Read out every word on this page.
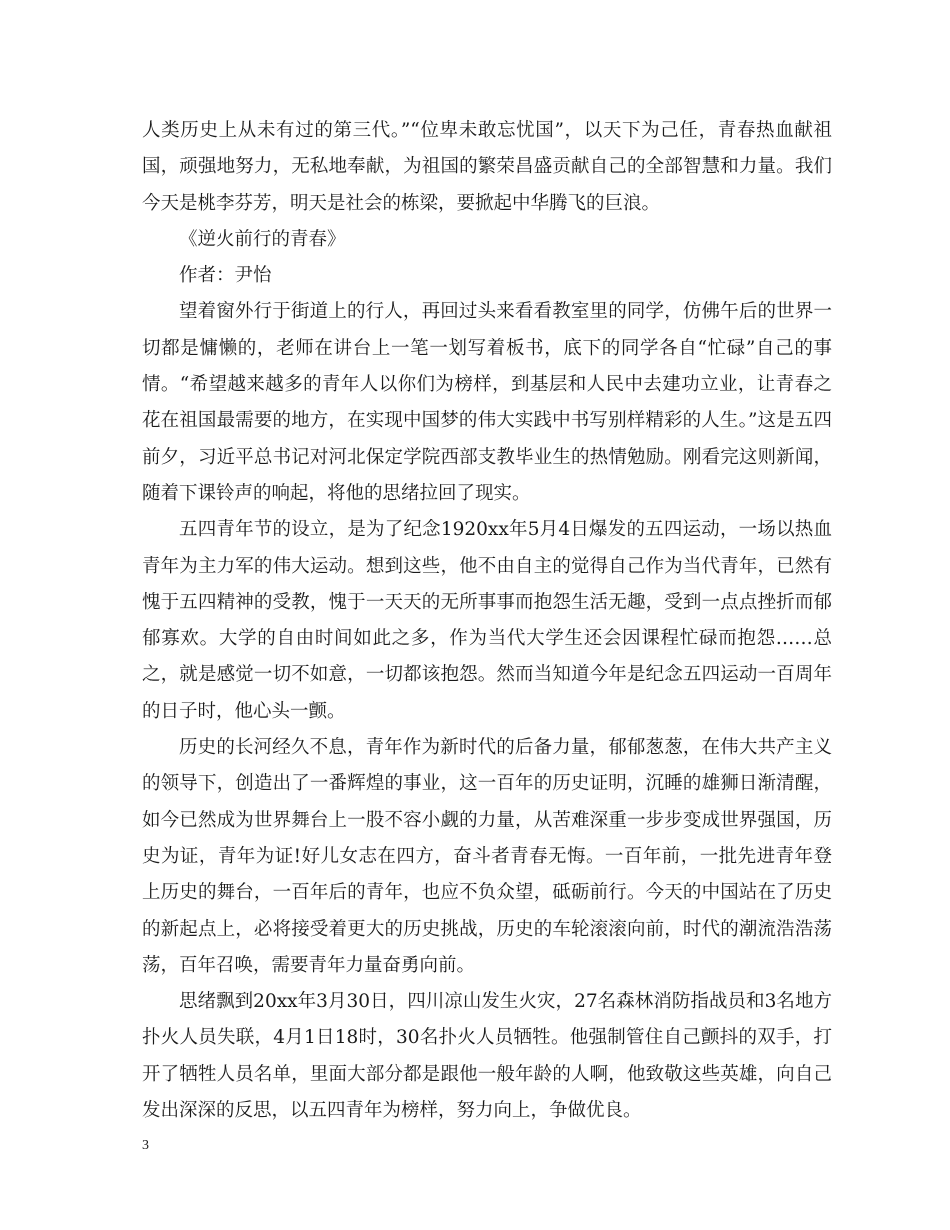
人类历史上从未有过的第三代。”“位卑未敢忘忧国”，以天下为己任，青春热血献祖国，顽强地努力，无私地奉献，为祖国的繁荣昌盛贡献自己的全部智慧和力量。我们今天是桃李芬芳，明天是社会的栋梁，要掀起中华腾飞的巨浪。

《逆火前行的青春》

作者：尹怡

望着窗外行于街道上的行人，再回过头来看看教室里的同学，仿佛午后的世界一切都是慵懒的，老师在讲台上一笔一划写着板书，底下的同学各自“忙碌”自己的事情。“希望越来越多的青年人以你们为榜样，到基层和人民中去建功立业，让青春之花在祖国最需要的地方，在实现中国梦的伟大实践中书写别样精彩的人生。”这是五四前夕，习近平总书记对河北保定学院西部支教毕业生的热情勉励。刚看完这则新闻，随着下课铃声的响起，将他的思绪拉回了现实。

五四青年节的设立，是为了纪念1920xx年5月4日爆发的五四运动，一场以热血青年为主力军的伟大运动。想到这些，他不由自主的觉得自己作为当代青年，已然有愧于五四精神的受教，愧于一天天的无所事事而抱怨生活无趣，受到一点点挫折而郁郁寡欢。大学的自由时间如此之多，作为当代大学生还会因课程忙碌而抱怨……总之，就是感觉一切不如意，一切都该抱怨。然而当知道今年是纪念五四运动一百周年的日子时，他心头一颤。

历史的长河经久不息，青年作为新时代的后备力量，郁郁葱葱，在伟大共产主义的领导下，创造出了一番辉煌的事业，这一百年的历史证明，沉睡的雄狮日渐清醒，如今已然成为世界舞台上一股不容小觑的力量，从苦难深重一步步变成世界强国，历史为证，青年为证!好儿女志在四方，奋斗者青春无悔。一百年前，一批先进青年登上历史的舞台，一百年后的青年，也应不负众望，砥砺前行。今天的中国站在了历史的新起点上，必将接受着更大的历史挑战，历史的车轮滚滚向前，时代的潮流浩浩荡荡，百年召唤，需要青年力量奋勇向前。

思绪飘到20xx年3月30日，四川凉山发生火灾，27名森林消防指战员和3名地方扑火人员失联，4月1日18时，30名扑火人员牺牲。他强制管住自己颤抖的双手，打开了牺牲人员名单，里面大部分都是跟他一般年龄的人啊，他致敬这些英雄，向自己发出深深的反思，以五四青年为榜样，努力向上，争做优良。

3
